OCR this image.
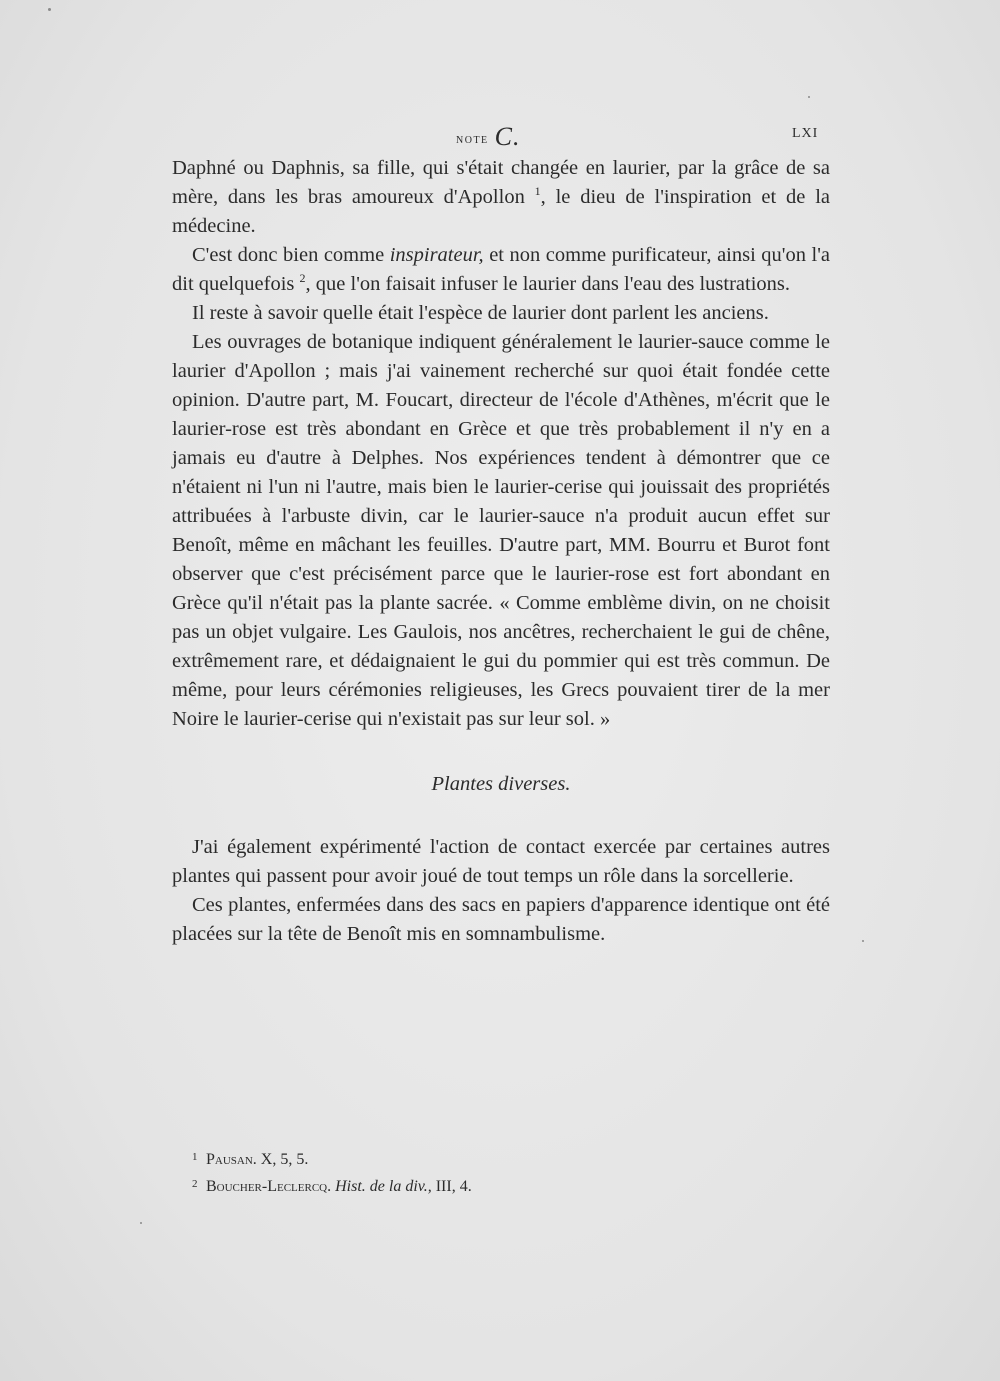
note C.	LXI

Daphné ou Daphnis, sa fille, qui s'était changée en laurier, par la grâce de sa mère, dans les bras amoureux d'Apollon $^1$, le dieu de l'inspiration et de la médecine.

C'est donc bien comme inspirateur, et non comme purificateur, ainsi qu'on l'a dit quelquefois $^2$, que l'on faisait infuser le laurier dans l'eau des lustrations.

Il reste à savoir quelle était l'espèce de laurier dont parlent les anciens.

Les ouvrages de botanique indiquent généralement le laurier-sauce comme le laurier d'Apollon ; mais j'ai vainement recherché sur quoi était fondée cette opinion. D'autre part, M. Foucart, directeur de l'école d'Athènes, m'écrit que le laurier-rose est très abondant en Grèce et que très probablement il n'y en a jamais eu d'autre à Delphes. Nos expériences tendent à démontrer que ce n'étaient ni l'un ni l'autre, mais bien le laurier-cerise qui jouissait des propriétés attribuées à l'arbuste divin, car le laurier-sauce n'a produit aucun effet sur Benoît, même en mâchant les feuilles. D'autre part, MM. Bourru et Burot font observer que c'est précisément parce que le laurier-rose est fort abondant en Grèce qu'il n'était pas la plante sacrée. « Comme emblème divin, on ne choisit pas un objet vulgaire. Les Gaulois, nos ancêtres, recherchaient le gui de chêne, extrêmement rare, et dédaignaient le gui du pommier qui est très commun. De même, pour leurs cérémonies religieuses, les Grecs pouvaient tirer de la mer Noire le laurier-cerise qui n'existait pas sur leur sol. »

Plantes diverses.

J'ai également expérimenté l'action de contact exercée par certaines autres plantes qui passent pour avoir joué de tout temps un rôle dans la sorcellerie.

Ces plantes, enfermées dans des sacs en papiers d'apparence identique ont été placées sur la tête de Benoît mis en somnambulisme.

1 Pausan. X, 5, 5.
2 Boucher-Leclercq. Hist. de la div., III, 4.
